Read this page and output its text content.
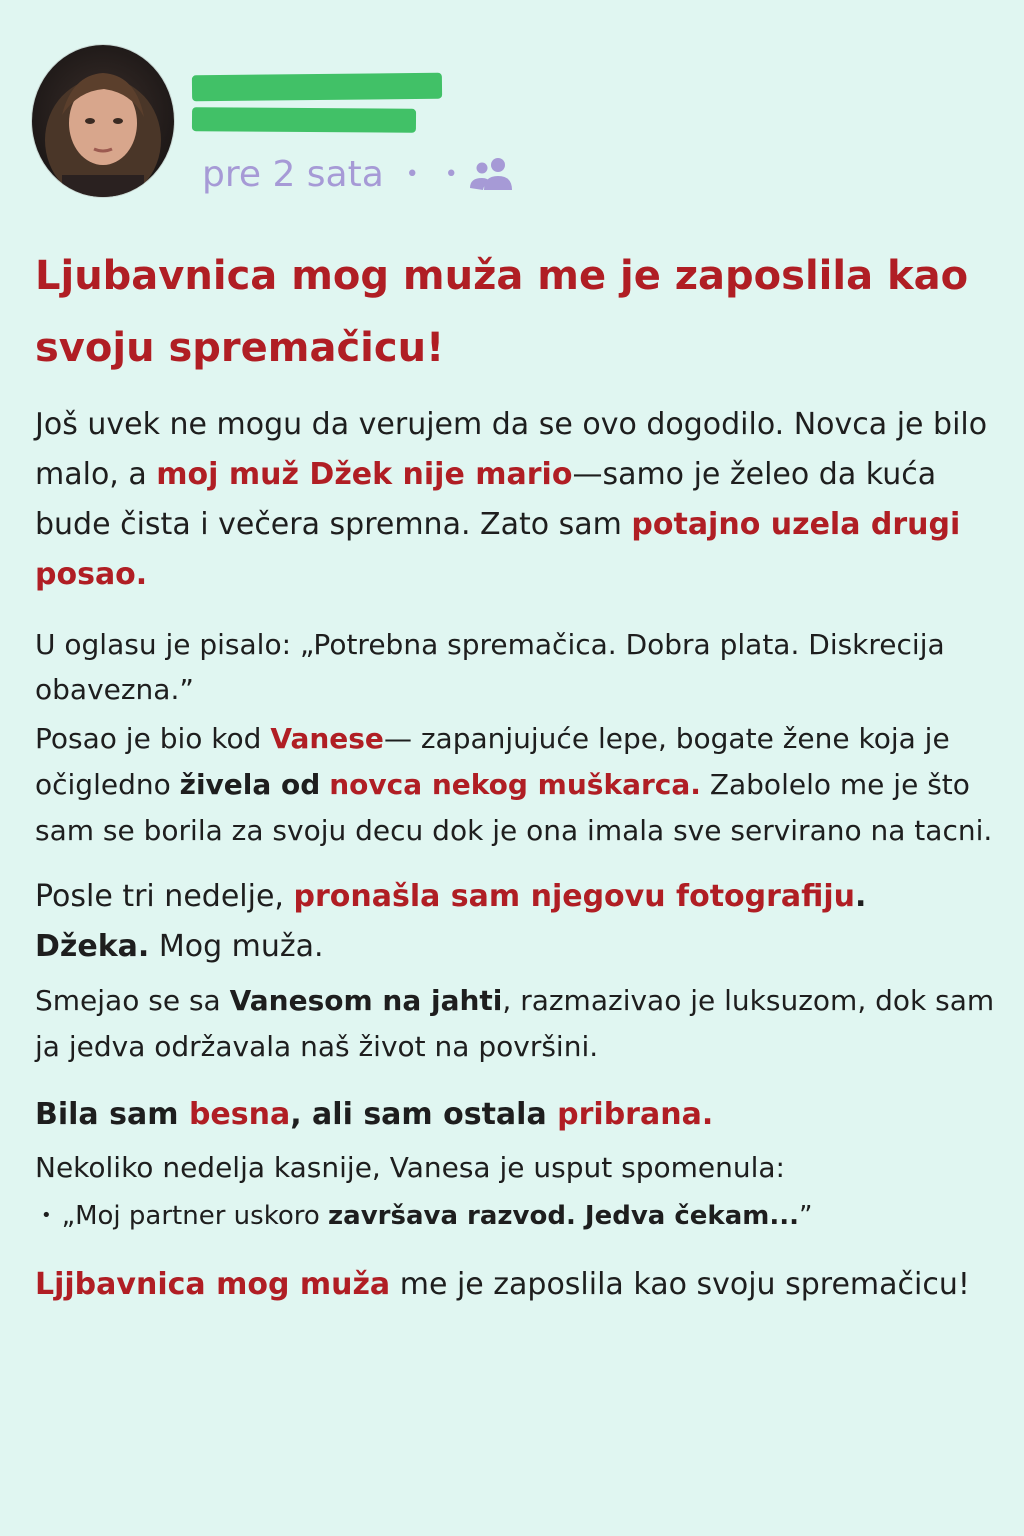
pre 2 sata • •
Ljubavnica mog muža me je zaposlila kao svoju spremačicu!

Još uvek ne mogu da verujem da se ovo dogodilo. Novca je bilo malo, a moj muž Džek nije mario—samo je želeo da kuća bude čista i večera spremna. Zato sam potajno uzela drugi posao.

U oglasu je pisalo: „Potrebna spremačica. Dobra plata. Diskrecija obavezna.”

Posao je bio kod Vanese— zapanjujuće lepe, bogate žene koja je očigledno živela od novca nekog muškarca. Zabolelo me je što sam se borila za svoju decu dok je ona imala sve servirano na tacni.

Posle tri nedelje, pronašla sam njegovu fotografiju.
Džeka. Mog muža.

Smejao se sa Vanesom na jahti, razmazivao je luksuzom, dok sam ja jedva održavala naš život na površini.

Bila sam besna, ali sam ostala pribrana.

Nekoliko nedelja kasnije, Vanesa je usput spomenula:

• „Moj partner uskoro završava razvod. Jedva čekam...”

Ljjbavnica mog muža me je zaposlila kao svoju spremačicu!
